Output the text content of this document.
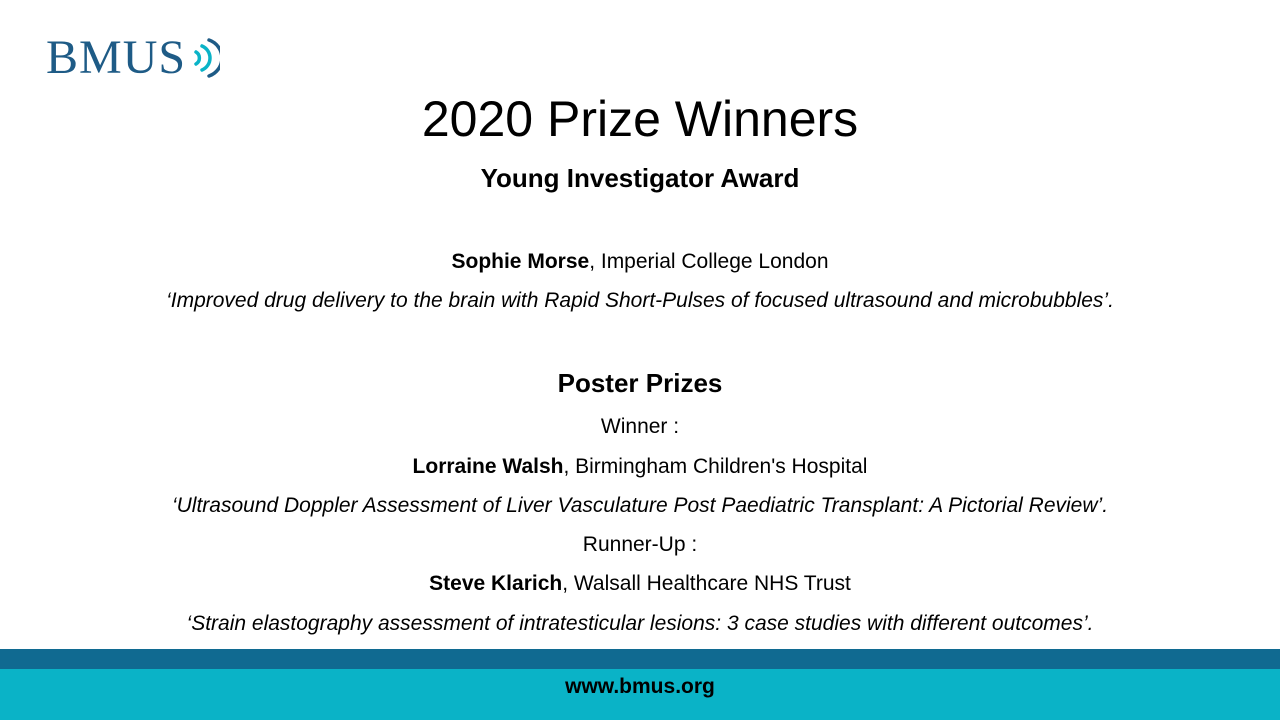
BMUS
2020 Prize Winners
Young Investigator Award
Sophie Morse, Imperial College London
‘Improved drug delivery to the brain with Rapid Short-Pulses of focused ultrasound and microbubbles’.
Poster Prizes
Winner :
Lorraine Walsh, Birmingham Children's Hospital
‘Ultrasound Doppler Assessment of Liver Vasculature Post Paediatric Transplant: A Pictorial Review’.
Runner-Up :
Steve Klarich, Walsall Healthcare NHS Trust
‘Strain elastography assessment of intratesticular lesions: 3 case studies with different outcomes’.
www.bmus.org
